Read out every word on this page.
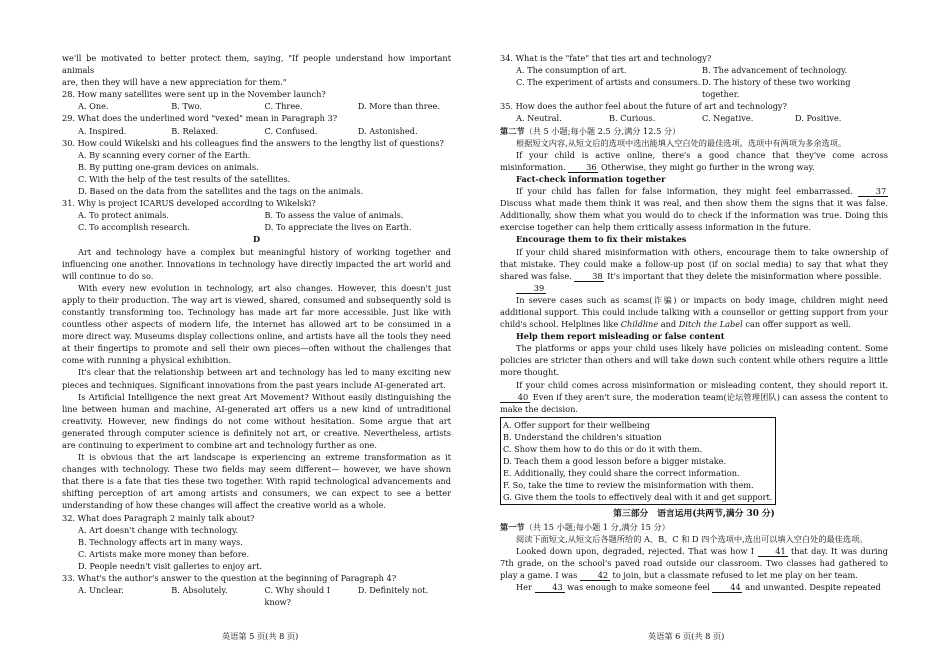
we'll be motivated to better protect them, saying, "If people understand how important animals

are, then they will have a new appreciation for them."

28. How many satellites were sent up in the November launch?

A. One.	B. Two.	C. Three.	D. More than three.

29. What does the underlined word "vexed" mean in Paragraph 3?

A. Inspired.	B. Relaxed.	C. Confused.	D. Astonished.

30. How could Wikelski and his colleagues find the answers to the lengthy list of questions?

A. By scanning every corner of the Earth.

B. By putting one-gram devices on animals.

C. With the help of the test results of the satellites.

D. Based on the data from the satellites and the tags on the animals.

31. Why is project ICARUS developed according to Wikelski?

A. To protect animals.	B. To assess the value of animals.
C. To accomplish research.	D. To appreciate the lives on Earth.

D

Art and technology have a complex but meaningful history of working together and influencing one another. Innovations in technology have directly impacted the art world and will continue to do so.

With every new evolution in technology, art also changes. However, this doesn't just apply to their production. The way art is viewed, shared, consumed and subsequently sold is constantly transforming too. Technology has made art far more accessible. Just like with countless other aspects of modern life, the internet has allowed art to be consumed in a more direct way. Museums display collections online, and artists have all the tools they need at their fingertips to promote and sell their own pieces—often without the challenges that come with running a physical exhibition.

It's clear that the relationship between art and technology has led to many exciting new pieces and techniques. Significant innovations from the past years include AI-generated art.

Is Artificial Intelligence the next great Art Movement? Without easily distinguishing the line between human and machine, AI-generated art offers us a new kind of untraditional creativity. However, new findings do not come without hesitation. Some argue that art generated through computer science is definitely not art, or creative. Nevertheless, artists are continuing to experiment to combine art and technology further as one.

It is obvious that the art landscape is experiencing an extreme transformation as it changes with technology. These two fields may seem different— however, we have shown that there is a fate that ties these two together. With rapid technological advancements and shifting perception of art among artists and consumers, we can expect to see a better understanding of how these changes will affect the creative world as a whole.

32. What does Paragraph 2 mainly talk about?

A. Art doesn't change with technology.

B. Technology affects art in many ways.

C. Artists make more money than before.

D. People needn't visit galleries to enjoy art.

33. What's the author's answer to the question at the beginning of Paragraph 4?

A. Unclear.	B. Absolutely.	C. Why should I know?
D. Definitely not.

34. What is the "fate" that ties art and technology?

A. The consumption of art.	B. The advancement of technology.
C. The experiment of artists and consumers. D. The history of these two working together.

35. How does the author feel about the future of art and technology?

A. Neutral.	B. Curious.	C. Negative.	D. Positive.

第二节（共 5 小题;每小题 2.5 分,满分 12.5 分）

根据短文内容,从短文后的选项中选出能填入空白处的最佳选项。选项中有两项为多余选项。

If your child is active online, there's a good chance that they've come across misinformation. 36 Otherwise, they might go further in the wrong way.

Fact-check information together

If your child has fallen for false information, they might feel embarrassed.	37 Discuss what made them think it was real, and then show them the signs that it was false. Additionally, show them what you would do to check if the information was true. Doing this exercise together can help them critically assess information in the future.

Encourage them to fix their mistakes

If your child shared misinformation with others, encourage them to take ownership of that mistake. They could make a follow-up post (if on social media) to say that what they shared was false. 38 It's important that they delete the misinformation where possible.

39

In severe cases such as scams(诈骗) or impacts on body image, children might need additional support. This could include talking with a counsellor or getting support from your child's school. Helplines like Childline and Ditch the Label can offer support as well.

Help them report misleading or false content

The platforms or apps your child uses likely have policies on misleading content. Some policies are stricter than others and will take down such content while others require a little more thought.

If your child comes across misinformation or misleading content, they should report it. 40 Even if they aren't sure, the moderation team(论坛管理团队) can assess the content to make the decision.

A. Offer support for their wellbeing

B. Understand the children's situation

C. Show them how to do this or do it with them.

D. Teach them a good lesson before a bigger mistake.

E. Additionally, they could share the correct information.

F. So, take the time to review the misinformation with them.

G. Give them the tools to effectively deal with it and get support.

第三部分　语言运用(共两节,满分 30 分)

第一节（共 15 小题;每小题 1 分,满分 15 分）

阅读下面短文,从短文后各题所给的 A、B、C 和 D 四个选项中,选出可以填入空白处的最佳选项。

Looked down upon, degraded, rejected. That was how I	41 that day. It was during 7th grade, on the school's paved road outside our classroom. Two classes had gathered to play a game. I was 42 to join, but a classmate refused to let me play on her team.

Her 43 was enough to make someone feel 44 and unwanted. Despite repeated

英语第 5 页(共 8 页)	英语第 6 页(共 8 页)
